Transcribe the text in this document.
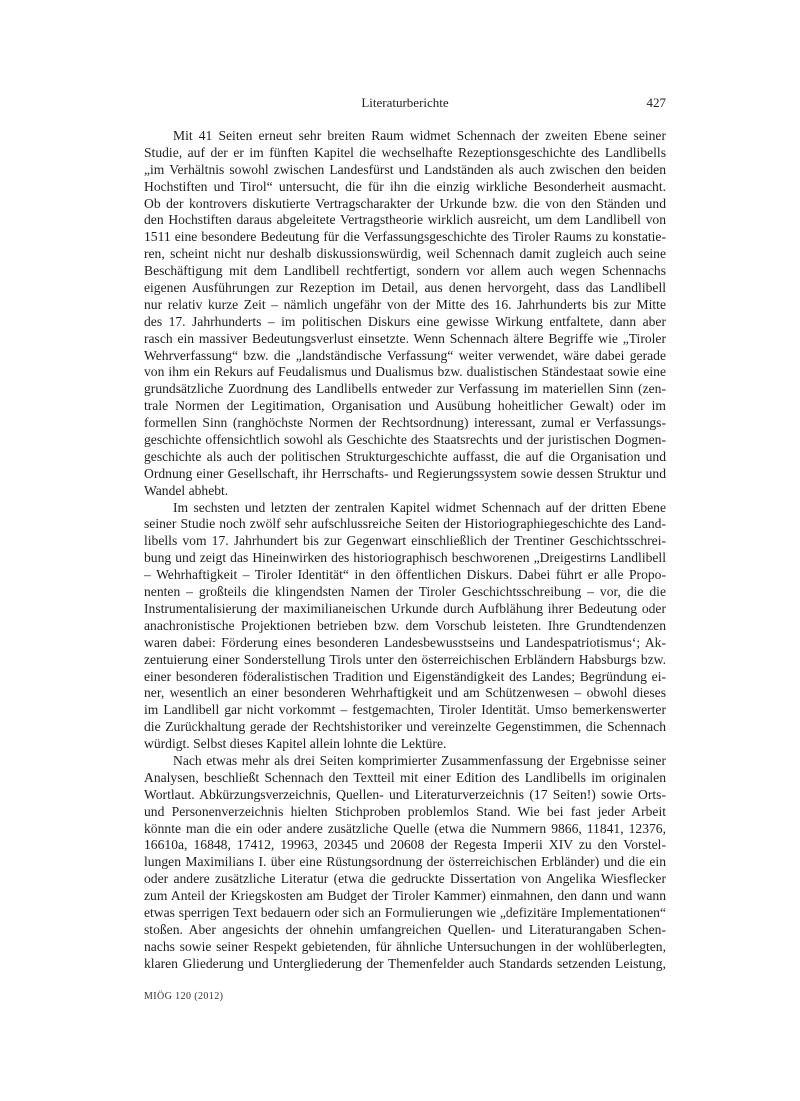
Literaturberichte	427
Mit 41 Seiten erneut sehr breiten Raum widmet Schennach der zweiten Ebene seiner
Studie, auf der er im fünften Kapitel die wechselhafte Rezeptionsgeschichte des Landlibells
„im Verhältnis sowohl zwischen Landesfürst und Landständen als auch zwischen den beiden
Hochstiften und Tirol“ untersucht, die für ihn die einzig wirkliche Besonderheit ausmacht.
Ob der kontrovers diskutierte Vertragscharakter der Urkunde bzw. die von den Ständen und
den Hochstiften daraus abgeleitete Vertragstheorie wirklich ausreicht, um dem Landlibell von
1511 eine besondere Bedeutung für die Verfassungsgeschichte des Tiroler Raums zu konstatie-
ren, scheint nicht nur deshalb diskussionswürdig, weil Schennach damit zugleich auch seine
Beschäftigung mit dem Landlibell rechtfertigt, sondern vor allem auch wegen Schennachs
eigenen Ausführungen zur Rezeption im Detail, aus denen hervorgeht, dass das Landlibell
nur relativ kurze Zeit – nämlich ungefähr von der Mitte des 16. Jahrhunderts bis zur Mitte
des 17. Jahrhunderts – im politischen Diskurs eine gewisse Wirkung entfaltete, dann aber
rasch ein massiver Bedeutungsverlust einsetzte. Wenn Schennach ältere Begriffe wie „Tiroler
Wehrverfassung“ bzw. die „landständische Verfassung“ weiter verwendet, wäre dabei gerade
von ihm ein Rekurs auf Feudalismus und Dualismus bzw. dualistischen Ständestaat sowie eine
grundsätzliche Zuordnung des Landlibells entweder zur Verfassung im materiellen Sinn (zen-
trale Normen der Legitimation, Organisation und Ausübung hoheitlicher Gewalt) oder im
formellen Sinn (ranghöchste Normen der Rechtsordnung) interessant, zumal er Verfassungs-
geschichte offensichtlich sowohl als Geschichte des Staatsrechts und der juristischen Dogmen-
geschichte als auch der politischen Strukturgeschichte auffasst, die auf die Organisation und
Ordnung einer Gesellschaft, ihr Herrschafts- und Regierungssystem sowie dessen Struktur und
Wandel abhebt.
Im sechsten und letzten der zentralen Kapitel widmet Schennach auf der dritten Ebene
seiner Studie noch zwölf sehr aufschlussreiche Seiten der Historiographiegeschichte des Land-
libells vom 17. Jahrhundert bis zur Gegenwart einschließlich der Trentiner Geschichtsschrei-
bung und zeigt das Hineinwirken des historiographisch beschworenen „Dreigestirns Landlibell
– Wehrhaftigkeit – Tiroler Identität“ in den öffentlichen Diskurs. Dabei führt er alle Propo-
nenten – großteils die klingendsten Namen der Tiroler Geschichtsschreibung – vor, die die
Instrumentalisierung der maximilianeischen Urkunde durch Aufblähung ihrer Bedeutung oder
anachronistische Projektionen betrieben bzw. dem Vorschub leisteten. Ihre Grundtendenzen
waren dabei: Förderung eines besonderen Landesbewusstseins und Landespatriotismus‘; Ak-
zentuierung einer Sonderstellung Tirols unter den österreichischen Erbländern Habsburgs bzw.
einer besonderen föderalistischen Tradition und Eigenständigkeit des Landes; Begründung ei-
ner, wesentlich an einer besonderen Wehrhaftigkeit und am Schützenwesen – obwohl dieses
im Landlibell gar nicht vorkommt – festgemachten, Tiroler Identität. Umso bemerkenswerter
die Zurückhaltung gerade der Rechtshistoriker und vereinzelte Gegenstimmen, die Schennach
würdigt. Selbst dieses Kapitel allein lohnte die Lektüre.
Nach etwas mehr als drei Seiten komprimierter Zusammenfassung der Ergebnisse seiner
Analysen, beschließt Schennach den Textteil mit einer Edition des Landlibells im originalen
Wortlaut. Abkürzungsverzeichnis, Quellen- und Literaturverzeichnis (17 Seiten!) sowie Orts-
und Personenverzeichnis hielten Stichproben problemlos Stand. Wie bei fast jeder Arbeit
könnte man die ein oder andere zusätzliche Quelle (etwa die Nummern 9866, 11841, 12376,
16610a, 16848, 17412, 19963, 20345 und 20608 der Regesta Imperii XIV zu den Vorstel-
lungen Maximilians I. über eine Rüstungsordnung der österreichischen Erbländer) und die ein
oder andere zusätzliche Literatur (etwa die gedruckte Dissertation von Angelika Wiesflecker
zum Anteil der Kriegskosten am Budget der Tiroler Kammer) einmahnen, den dann und wann
etwas sperrigen Text bedauern oder sich an Formulierungen wie „defizitäre Implementationen“
stoßen. Aber angesichts der ohnehin umfangreichen Quellen- und Literaturangaben Schen-
nachs sowie seiner Respekt gebietenden, für ähnliche Untersuchungen in der wohlüberlegten,
klaren Gliederung und Untergliederung der Themenfelder auch Standards setzenden Leistung,
MIÖG 120 (2012)
